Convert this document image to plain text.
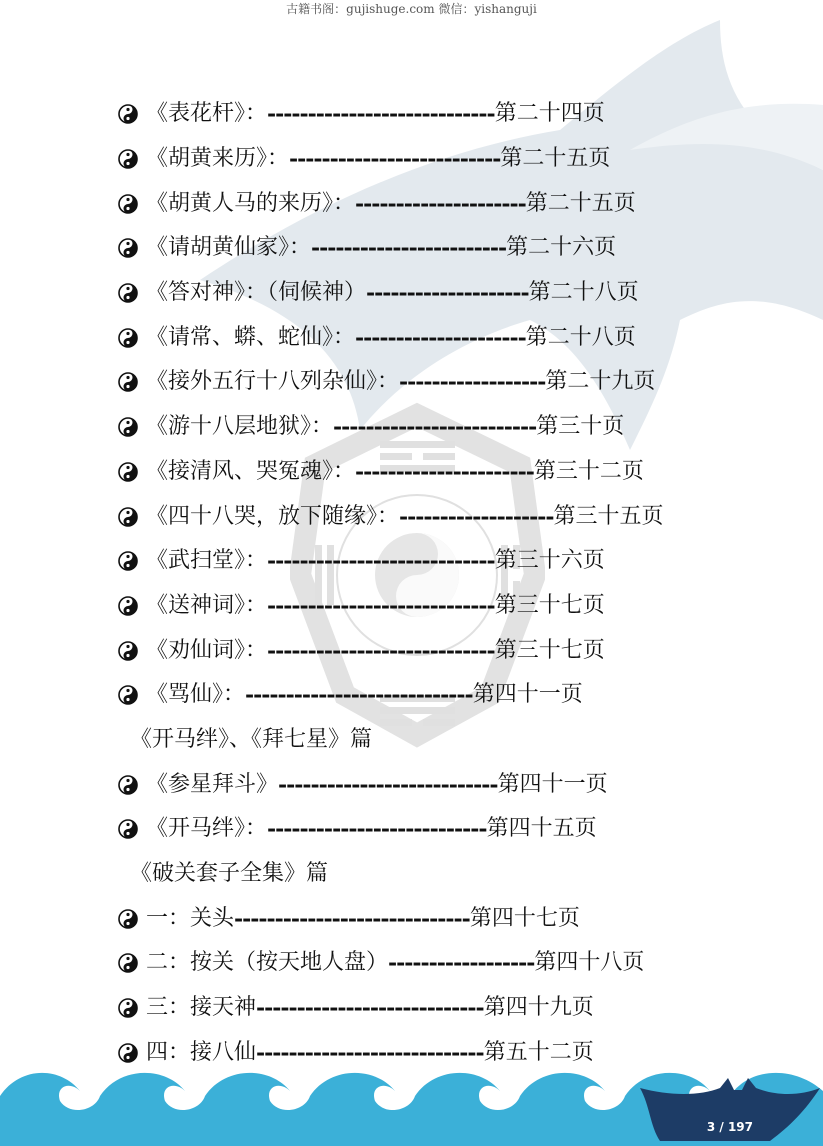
古籍书阁：gujishuge.com 微信：yishanguji
《表花杆》： ---------------------------- 第二十四页
《胡黄来历》： -------------------------- 第二十五页
《胡黄人马的来历》： --------------------- 第二十五页
《请胡黄仙家》： ------------------------ 第二十六页
《答对神》：（伺候神） -------------------- 第二十八页
《请常、蟒、蛇仙》： --------------------- 第二十八页
《接外五行十八列杂仙》： ------------------ 第二十九页
《游十八层地狱》： ------------------------- 第三十页
《接清风、哭冤魂》： ---------------------- 第三十二页
《四十八哭，放下随缘》： ------------------- 第三十五页
《武扫堂》： ---------------------------- 第三十六页
《送神词》： ---------------------------- 第三十七页
《劝仙词》： ---------------------------- 第三十七页
《骂仙》： ---------------------------- 第四十一页
《开马绊》、《拜七星》篇
《参星拜斗》 --------------------------- 第四十一页
《开马绊》： --------------------------- 第四十五页
《破关套子全集》篇
一：关头 ----------------------------- 第四十七页
二：按关（按天地人盘） ------------------ 第四十八页
三：接天神 ---------------------------- 第四十九页
四：接八仙 ---------------------------- 第五十二页
3 / 197
